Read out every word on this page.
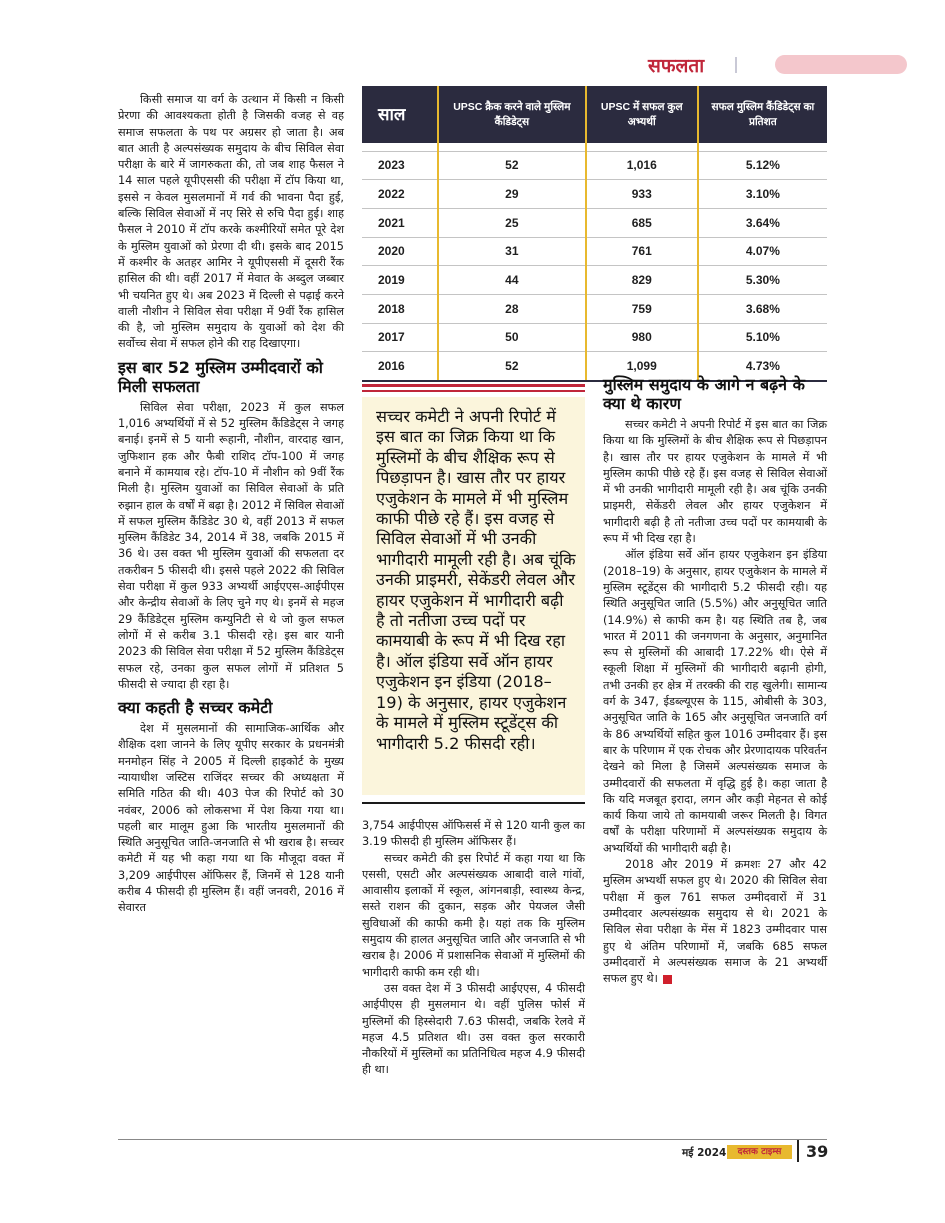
सफलता

किसी समाज या वर्ग के उत्थान में किसी न किसी प्रेरणा की आवश्यकता होती है जिसकी वजह से वह समाज सफलता के पथ पर अग्रसर हो जाता है। अब बात आती है अल्पसंख्यक समुदाय के बीच सिविल सेवा परीक्षा के बारे में जागरुकता की, तो जब शाह फैसल ने 14 साल पहले यूपीएससी की परीक्षा में टॉप किया था, इससे न केवल मुसलमानों में गर्व की भावना पैदा हुई, बल्कि सिविल सेवाओं में नए सिरे से रुचि पैदा हुई। शाह फैसल ने 2010 में टॉप करके कश्मीरियों समेत पूरे देश के मुस्लिम युवाओं को प्रेरणा दी थी। इसके बाद 2015 में कश्मीर के अतहर आमिर ने यूपीएससी में दूसरी रैंक हासिल की थी। वहीं 2017 में मेवात के अब्दुल जब्बार भी चयनित हुए थे। अब 2023 में दिल्ली से पढ़ाई करने वाली नौशीन ने सिविल सेवा परीक्षा में 9वीं रैंक हासिल की है, जो मुस्लिम समुदाय के युवाओं को देश की सर्वोच्च सेवा में सफल होने की राह दिखाएगा।

इस बार 52 मुस्लिम उम्मीदवारों को मिली सफलता

सिविल सेवा परीक्षा, 2023 में कुल सफल 1,016 अभ्यर्थियों में से 52 मुस्लिम कैंडिडेट्स ने जगह बनाई। इनमें से 5 यानी रूहानी, नौशीन, वारदाह खान, जुफिशान हक और फैबी राशिद टॉप-100 में जगह बनाने में कामयाब रहे। टॉप-10 में नौशीन को 9वीं रैंक मिली है। मुस्लिम युवाओं का सिविल सेवाओं के प्रति रुझान हाल के वर्षों में बढ़ा है। 2012 में सिविल सेवाओं में सफल मुस्लिम कैंडिडेट 30 थे, वहीं 2013 में सफल मुस्लिम कैंडिडेट 34, 2014 में 38, जबकि 2015 में 36 थे। उस वक्त भी मुस्लिम युवाओं की सफलता दर तकरीबन 5 फीसदी थी। इससे पहले 2022 की सिविल सेवा परीक्षा में कुल 933 अभ्यर्थी आईएएस-आईपीएस और केन्द्रीय सेवाओं के लिए चुने गए थे। इनमें से महज 29 कैंडिडेट्स मुस्लिम कम्युनिटी से थे जो कुल सफल लोगों में से करीब 3.1 फीसदी रहे। इस बार यानी 2023 की सिविल सेवा परीक्षा में 52 मुस्लिम कैंडिडेट्स सफल रहे, उनका कुल सफल लोगों में प्रतिशत 5 फीसदी से ज्यादा ही रहा है।

क्या कहती है सच्चर कमेटी

देश में मुसलमानों की सामाजिक-आर्थिक और शैक्षिक दशा जानने के लिए यूपीए सरकार के प्रधनमंत्री मनमोहन सिंह ने 2005 में दिल्ली हाइकोर्ट के मुख्य न्यायाधीश जस्टिस राजिंदर सच्चर की अध्यक्षता में समिति गठित की थी। 403 पेज की रिपोर्ट को 30 नवंबर, 2006 को लोकसभा में पेश किया गया था। पहली बार मालूम हुआ कि भारतीय मुसलमानों की स्थिति अनुसूचित जाति-जनजाति से भी खराब है। सच्चर कमेटी में यह भी कहा गया था कि मौजूदा वक्त में 3,209 आईपीएस ऑफिसर हैं, जिनमें से 128 यानी करीब 4 फीसदी ही मुस्लिम हैं। वहीं जनवरी, 2016 में सेवारत

साल	UPSC क्रैक करने वाले मुस्लिम कैंडिडेट्स	UPSC में सफल कुल अभ्यर्थी	सफल मुस्लिम कैंडिडेट्स का प्रतिशत

2023	52	1,016	5.12%
2022	29	933	3.10%
2021	25	685	3.64%
2020	31	761	4.07%
2019	44	829	5.30%
2018	28	759	3.68%
2017	50	980	5.10%
2016	52	1,099	4.73%
सच्चर कमेटी ने अपनी रिपोर्ट में इस बात का जिक्र किया था कि मुस्लिमों के बीच शैक्षिक रूप से पिछड़ापन है। खास तौर पर हायर एजुकेशन के मामले में भी मुस्लिम काफी पीछे रहे हैं। इस वजह से सिविल सेवाओं में भी उनकी भागीदारी मामूली रही है। अब चूंकि उनकी प्राइमरी, सेकेंडरी लेवल और हायर एजुकेशन में भागीदारी बढ़ी है तो नतीजा उच्च पदों पर कामयाबी के रूप में भी दिख रहा है। ऑल इंडिया सर्वे ऑन हायर एजुकेशन इन इंडिया (2018–19) के अनुसार, हायर एजुकेशन के मामले में मुस्लिम स्टूडेंट्स की भागीदारी 5.2 फीसदी रही।

3,754 आईपीएस ऑफिसर्स में से 120 यानी कुल का 3.19 फीसदी ही मुस्लिम ऑफिसर हैं।

सच्चर कमेटी की इस रिपोर्ट में कहा गया था कि एससी, एसटी और अल्पसंख्यक आबादी वाले गांवों, आवासीय इलाकों में स्कूल, आंगनबाड़ी, स्वास्थ्य केन्द्र, सस्ते राशन की दुकान, सड़क और पेयजल जैसी सुविधाओं की काफी कमी है। यहां तक कि मुस्लिम समुदाय की हालत अनुसूचित जाति और जनजाति से भी खराब है। 2006 में प्रशासनिक सेवाओं में मुस्लिमों की भागीदारी काफी कम रही थी।

उस वक्त देश में 3 फीसदी आईएएस, 4 फीसदी आईपीएस ही मुसलमान थे। वहीं पुलिस फोर्स में मुस्लिमों की हिस्सेदारी 7.63 फीसदी, जबकि रेलवे में महज 4.5 प्रतिशत थी। उस वक्त कुल सरकारी नौकरियों में मुस्लिमों का प्रतिनिधित्व महज 4.9 फीसदी ही था।

मुस्लिम समुदाय के आगे न बढ़ने के क्या थे कारण

सच्चर कमेटी ने अपनी रिपोर्ट में इस बात का जिक्र किया था कि मुस्लिमों के बीच शैक्षिक रूप से पिछड़ापन है। खास तौर पर हायर एजुकेशन के मामले में भी मुस्लिम काफी पीछे रहे हैं। इस वजह से सिविल सेवाओं में भी उनकी भागीदारी मामूली रही है। अब चूंकि उनकी प्राइमरी, सेकेंडरी लेवल और हायर एजुकेशन में भागीदारी बढ़ी है तो नतीजा उच्च पदों पर कामयाबी के रूप में भी दिख रहा है।

ऑल इंडिया सर्वे ऑन हायर एजुकेशन इन इंडिया (2018–19) के अनुसार, हायर एजुकेशन के मामले में मुस्लिम स्टूडेंट्स की भागीदारी 5.2 फीसदी रही। यह स्थिति अनुसूचित जाति (5.5%) और अनुसूचित जाति (14.9%) से काफी कम है। यह स्थिति तब है, जब भारत में 2011 की जनगणना के अनुसार, अनुमानित रूप से मुस्लिमों की आबादी 17.22% थी। ऐसे में स्कूली शिक्षा में मुस्लिमों की भागीदारी बढ़ानी होगी, तभी उनकी हर क्षेत्र में तरक्की की राह खुलेगी। सामान्य वर्ग के 347, ईडब्ल्यूएस के 115, ओबीसी के 303, अनुसूचित जाति के 165 और अनुसूचित जनजाति वर्ग के 86 अभ्यर्थियों सहित कुल 1016 उम्मीदवार हैं। इस बार के परिणाम में एक रोचक और प्रेरणादायक परिवर्तन देखने को मिला है जिसमें अल्पसंख्यक समाज के उम्मीदवारों की सफलता में वृद्धि हुई है। कहा जाता है कि यदि मजबूत इरादा, लगन और कड़ी मेहनत से कोई कार्य किया जाये तो कामयाबी जरूर मिलती है। विगत वर्षों के परीक्षा परिणामों में अल्पसंख्यक समुदाय के अभ्यर्थियों की भागीदारी बढ़ी है।

2018 और 2019 में क्रमशः 27 और 42 मुस्लिम अभ्यर्थी सफल हुए थे। 2020 की सिविल सेवा परीक्षा में कुल 761 सफल उम्मीदवारों में 31 उम्मीदवार अल्पसंख्यक समुदाय से थे। 2021 के सिविल सेवा परीक्षा के मेंस में 1823 उम्मीदवार पास हुए थे अंतिम परिणामों में, जबकि 685 सफल उम्मीदवारों मे अल्पसंख्यक समाज के 21 अभ्यर्थी सफल हुए थे।

मई 2024	दस्तक टाइम्स	39
